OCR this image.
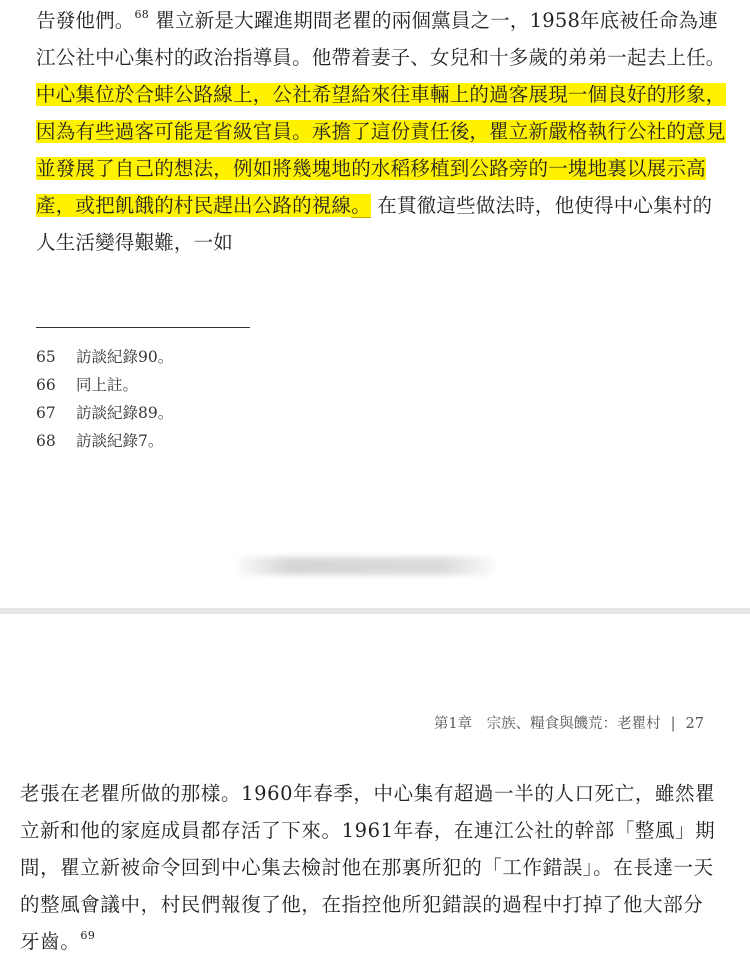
告發他們。$^{68}$ 瞿立新是大躍進期間老瞿的兩個黨員之一，1958年底被任命為連江公社中心集村的政治指導員。他帶着妻子、女兒和十多歲的弟弟一起去上任。中心集位於合蚌公路線上，公社希望給來往車輛上的過客展現一個良好的形象，因為有些過客可能是省級官員。承擔了這份責任後，瞿立新嚴格執行公社的意見並發展了自己的想法，例如將幾塊地的水稻移植到公路旁的一塊地裏以展示高產，或把飢餓的村民趕出公路的視線。 在貫徹這些做法時，他使得中心集村的人生活變得艱難，一如

65 訪談紀錄90。
66 同上註。
67 訪談紀錄89。
68 訪談紀錄7。
第1章　宗族、糧食與饑荒：老瞿村 | 27

老張在老瞿所做的那樣。1960年春季，中心集有超過一半的人口死亡，雖然瞿立新和他的家庭成員都存活了下來。1961年春，在連江公社的幹部「整風」期間，瞿立新被命令回到中心集去檢討他在那裏所犯的「工作錯誤」。在長達一天的整風會議中，村民們報復了他，在指控他所犯錯誤的過程中打掉了他大部分牙齒。$^{69}$
